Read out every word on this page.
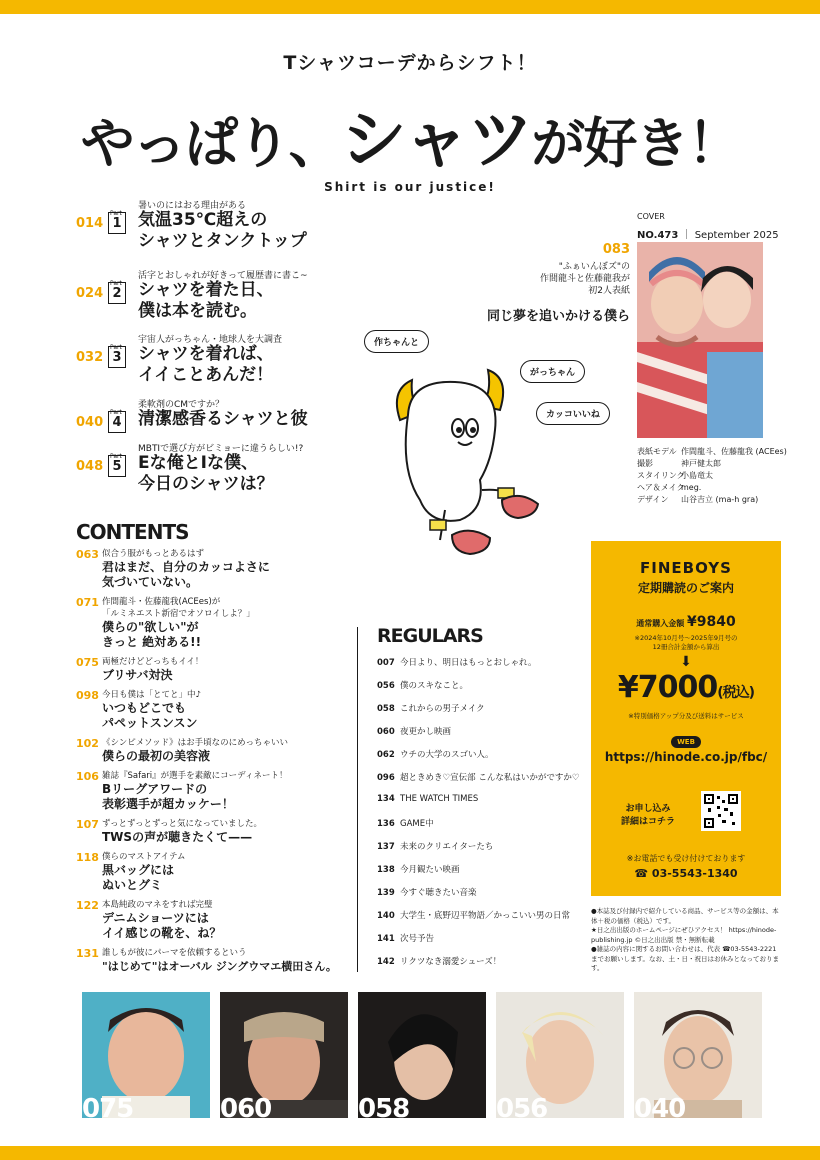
Tシャツコーデからシフト！
やっぱり、シャツが好き！
Shirt is our justice!
014 Part 1
暑いのにはおる理由がある
気温35℃超えの
シャツとタンクトップ
024 Part 2
活字とおしゃれが好きって履歴書に書こ~
シャツを着た日、
僕は本を読む。
032 Part 3
宇宙人がっちゃん・地球人を大調査
シャツを着れば、
イイことあんだ！
040 Part 4
柔軟剤のCMですか？
清潔感香るシャツと彼
048 Part 5
MBTIで選び方がビミョーに違うらしい!?
Eな俺とIな僕、
今日のシャツは？
CONTENTS
063 似合う服がもっとあるはず
君はまだ、自分のカッコよさに
気づいていない。
071 作間龍斗・佐藤龍我(ACEes)が
「ルミネエスト新宿でオソロイしよ？」
僕らの"欲しい"が
きっと 絶対ある!!
075 両極だけどどっちもイイ！
ブリサバ対決
098 今日も僕は「とてと」中♪
いつもどこでも
パペットスンスン
102 《シンピメソッド》はお手頃なのにめっちゃいい
僕らの最初の美容液
106 雑誌『Safari』が選手を素敵にコーディネート！
Bリーグアワードの
表彰選手が超カッケー！
107 ずっとずっとずっと気になっていました。
TWSの声が聴きたくて——
118 僕らのマストアイテム
黒バッグには
ぬいとグミ
122 本島純政のマネをすれば完璧
デニムショーツには
イイ感じの靴を、ね？
131 誰しもが彼にパーマを依頼するという
"はじめて"はオーバル ジングウマエ横田さん。
REGULARS
007 今日より、明日はもっとおしゃれ。
056 僕のスキなこと。
058 これからの男子メイク
060 夜更かし映画
062 ウチの大学のスゴい人。
096 超ときめき♡宣伝部 こんな私はいかがですか♡
134 THE WATCH TIMES
136 GAME中
137 未来のクリエイターたち
138 今月観たい映画
139 今すぐ聴きたい音楽
140 大学生・底野辺平物語／かっこいい男の日常
141 次号予告
142 リクツなき溺愛シューズ！
COVER
NO.473 ｜ September 2025
表紙モデル 作間龍斗、佐藤龍我 (ACEes)
撮影	神戸健太郎
スタイリング小島竜太
ヘア＆メイクmeg.
デザイン 山谷吉立 (ma-h gra)
083
"ふぁいんぼズ"の
作間龍斗と佐藤龍我が
初2人表紙
同じ夢を追いかける僕ら
作ちゃんと
がっちゃん
カッコいいね
FINEBOYS
定期購読のご案内
通常購入金額 ¥9840
※2024年10月号～2025年9月号の
12冊合計金額から算出
⬇
¥7000(税込)
※特別価格アップ分及び送料はサービス
WEB
https://hinode.co.jp/fbc/
お申し込み
詳細はコチラ
※お電話でも受け付けております
☎ 03-5543-1340
●本誌及び付録内で紹介している商品、サービス等の金額は、本体＋税の価格（税込）です。
★日之出出版のホームページにぜひアクセス！ https://hinode-publishing.jp ©日之出出版 禁・無断転載
●雑誌の内容に関するお問い合わせは、代表 ☎03-5543-2221までお願いします。なお、土・日・祝日はお休みとなっております。
075	060	058	056	040
